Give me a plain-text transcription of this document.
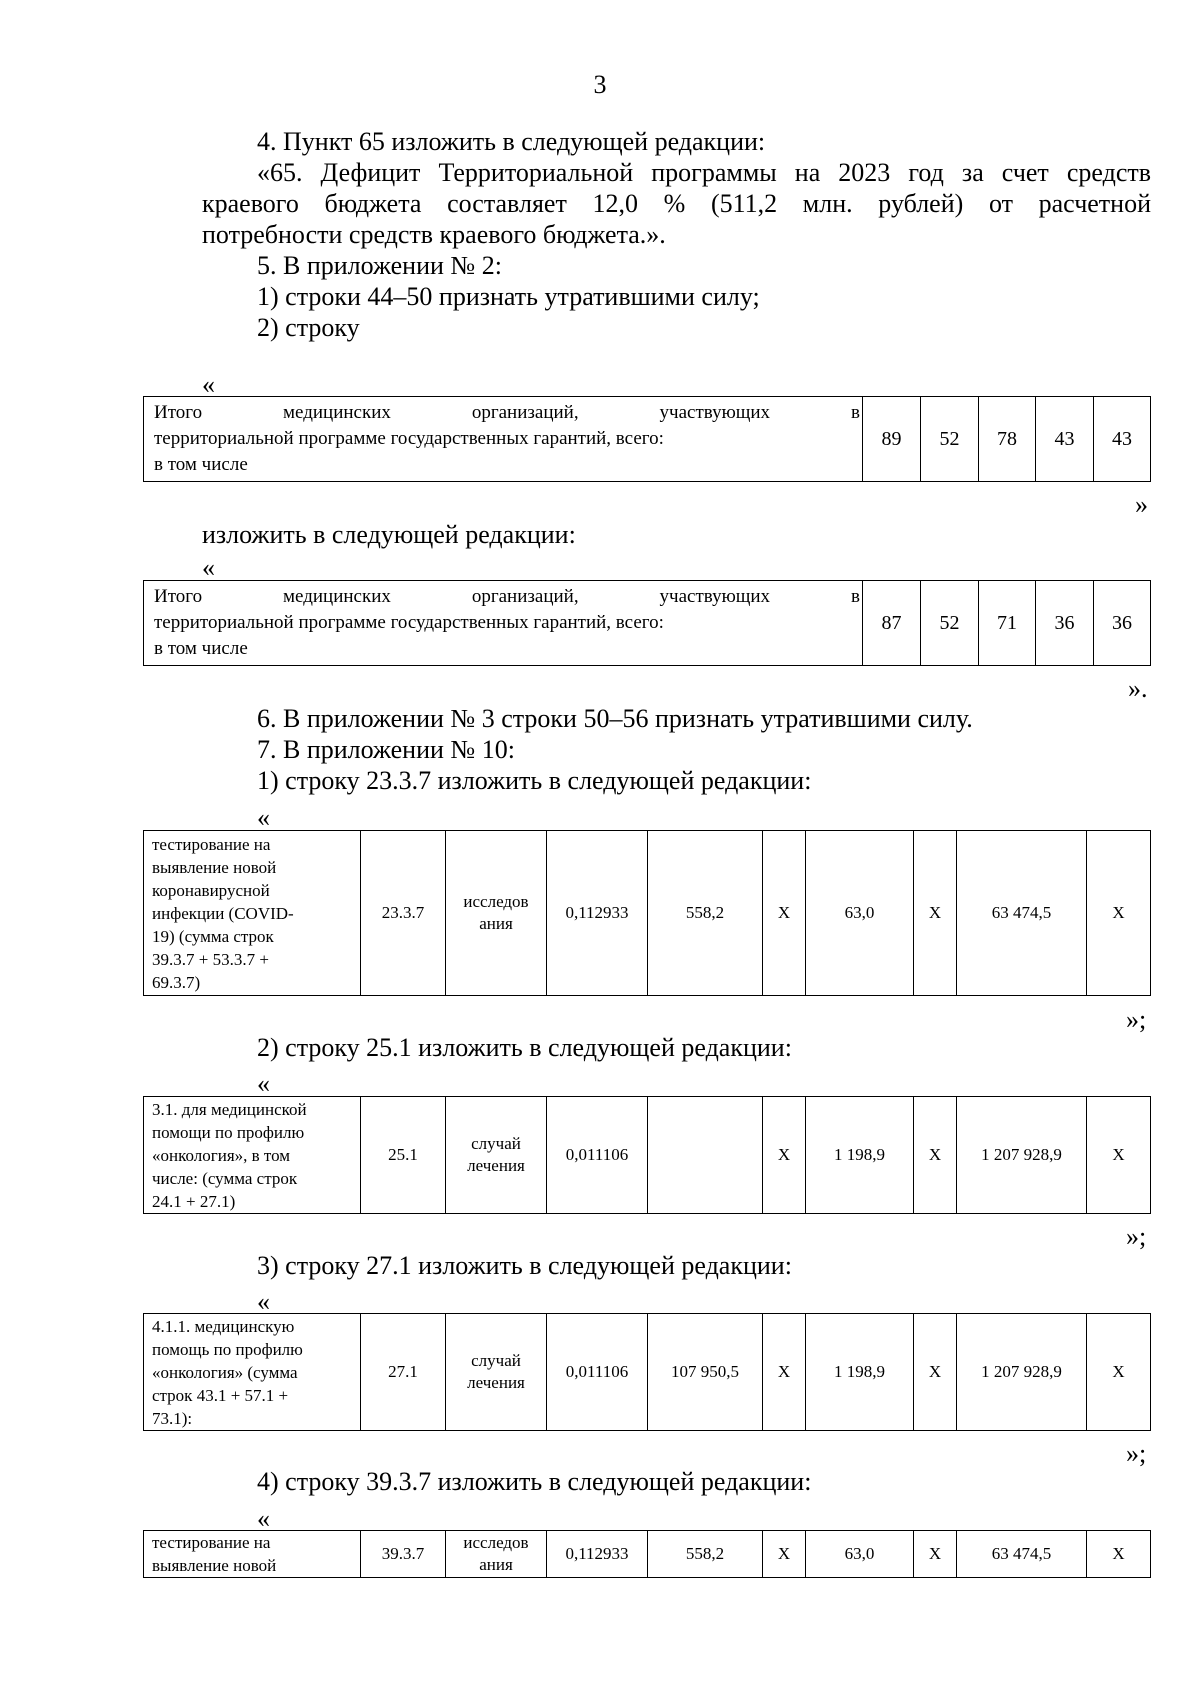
3
4. Пункт 65 изложить в следующей редакции:
«65. Дефицит Территориальной программы на 2023 год за счет средств
краевого бюджета составляет 12,0 % (511,2 млн. рублей) от расчетной
потребности средств краевого бюджета.».
5. В приложении № 2:
1) строки 44–50 признать утратившими силу;
2) строку
«
Итого	медицинских	организаций,	участвующих	в
территориальной программе государственных гарантий, всего:
в том числе
	89	52	78	43	43
»
изложить в следующей редакции:
«
Итого	медицинских	организаций,	участвующих	в
территориальной программе государственных гарантий, всего:
в том числе
	87	52	71	36	36
».
6. В приложении № 3 строки 50–56 признать утратившими силу.
7. В приложении № 10:
1) строку 23.3.7 изложить в следующей редакции:
«
тестирование на
выявление новой
коронавирусной
инфекции (COVID-
19) (сумма строк
39.3.7 + 53.3.7 +
69.3.7)
	23.3.7	
исследов
ания
	0,112933	558,2	Х	63,0	Х	63 474,5	Х
»;
2) строку 25.1 изложить в следующей редакции:
«
3.1. для медицинской
помощи по профилю
«онкология», в том
числе: (сумма строк
24.1 + 27.1)
	25.1	
случай
лечения
	0,011106		Х	1 198,9	Х	1 207 928,9	Х
»;
3) строку 27.1 изложить в следующей редакции:
«
4.1.1. медицинскую
помощь по профилю
«онкология» (сумма
строк 43.1 + 57.1 +
73.1):
	27.1	
случай
лечения
	0,011106	107 950,5	Х	1 198,9	Х	1 207 928,9	Х
»;
4) строку 39.3.7 изложить в следующей редакции:
«
тестирование на
выявление новой
	39.3.7	
исследов
ания
	0,112933	558,2	Х	63,0	Х	63 474,5	Х
